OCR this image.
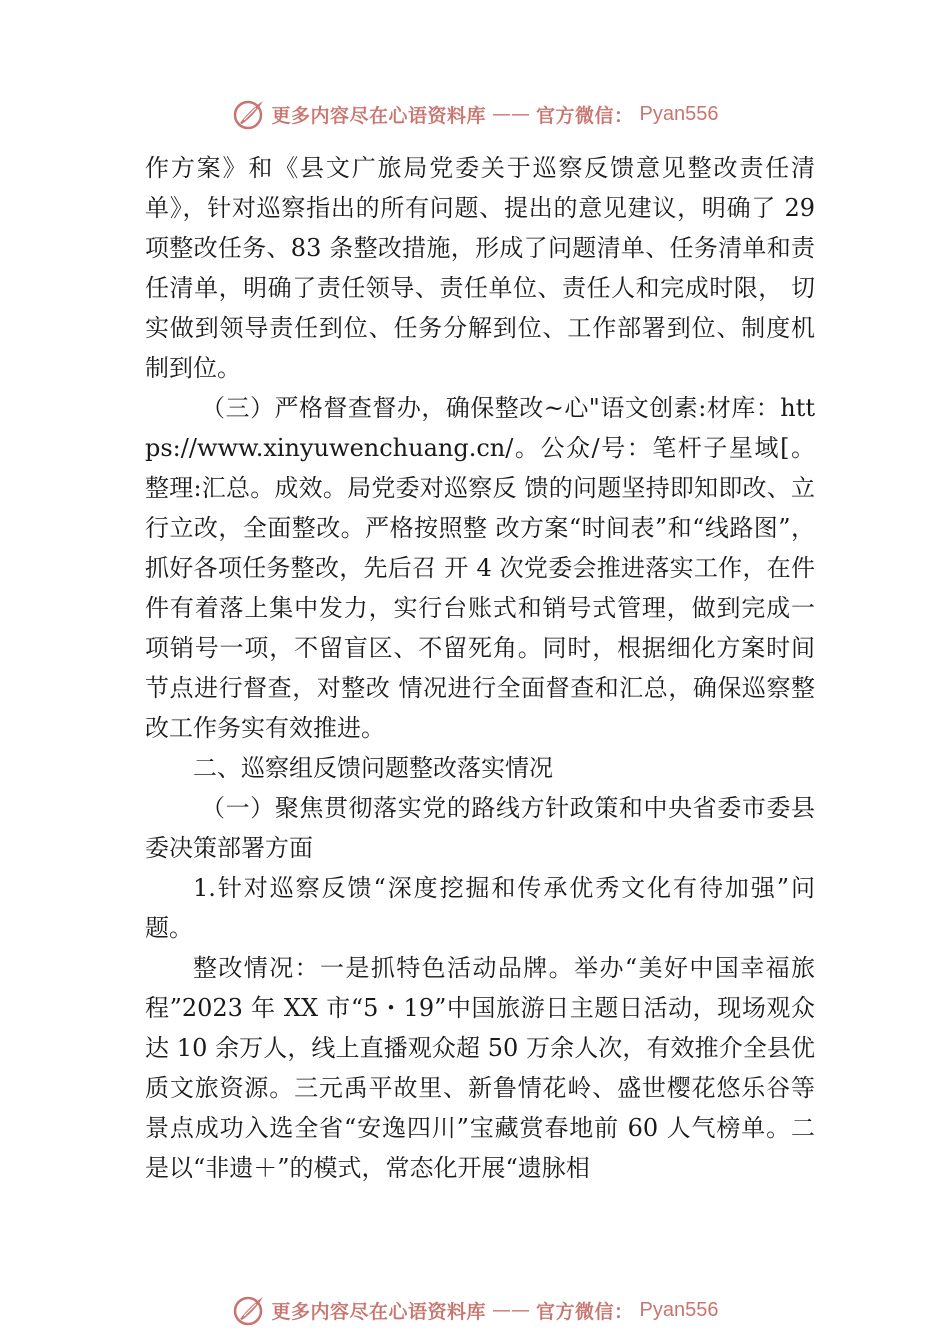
更多内容尽在心语资料库 —— 官方微信： Pyan556

作方案》和《县文广旅局党委关于巡察反馈意见整改责任清单》，针对巡察指出的所有问题、提出的意见建议，明确了 29 项整改任务、83 条整改措施，形成了问题清单、任务清单和责任清单，明确了责任领导、责任单位、责任人和完成时限， 切实做到领导责任到位、任务分解到位、工作部署到位、制度机制到位。

（三）严格督查督办，确保整改~心"语文创素:材库：https://www.xinyuwenchuang.cn/。公众/号：笔杆子星域[。整理:汇总。成效。局党委对巡察反 馈的问题坚持即知即改、立行立改，全面整改。严格按照整 改方案“时间表”和“线路图”，抓好各项任务整改，先后召 开 4 次党委会推进落实工作，在件件有着落上集中发力，实行台账式和销号式管理，做到完成一项销号一项，不留盲区、不留死角。同时，根据细化方案时间节点进行督查，对整改 情况进行全面督查和汇总，确保巡察整改工作务实有效推进。

二、巡察组反馈问题整改落实情况

（一）聚焦贯彻落实党的路线方针政策和中央省委市委县委决策部署方面

1.针对巡察反馈“深度挖掘和传承优秀文化有待加强”问题。

整改情况：一是抓特色活动品牌。举办“美好中国幸福旅程”2023 年 XX 市“5・19”中国旅游日主题日活动，现场观众达 10 余万人，线上直播观众超 50 万余人次，有效推介全县优质文旅资源。三元禹平故里、新鲁情花岭、盛世樱花悠乐谷等景点成功入选全省“安逸四川”宝藏赏春地前 60 人气榜单。二是以“非遗＋”的模式，常态化开展“遗脉相

更多内容尽在心语资料库 —— 官方微信： Pyan556
